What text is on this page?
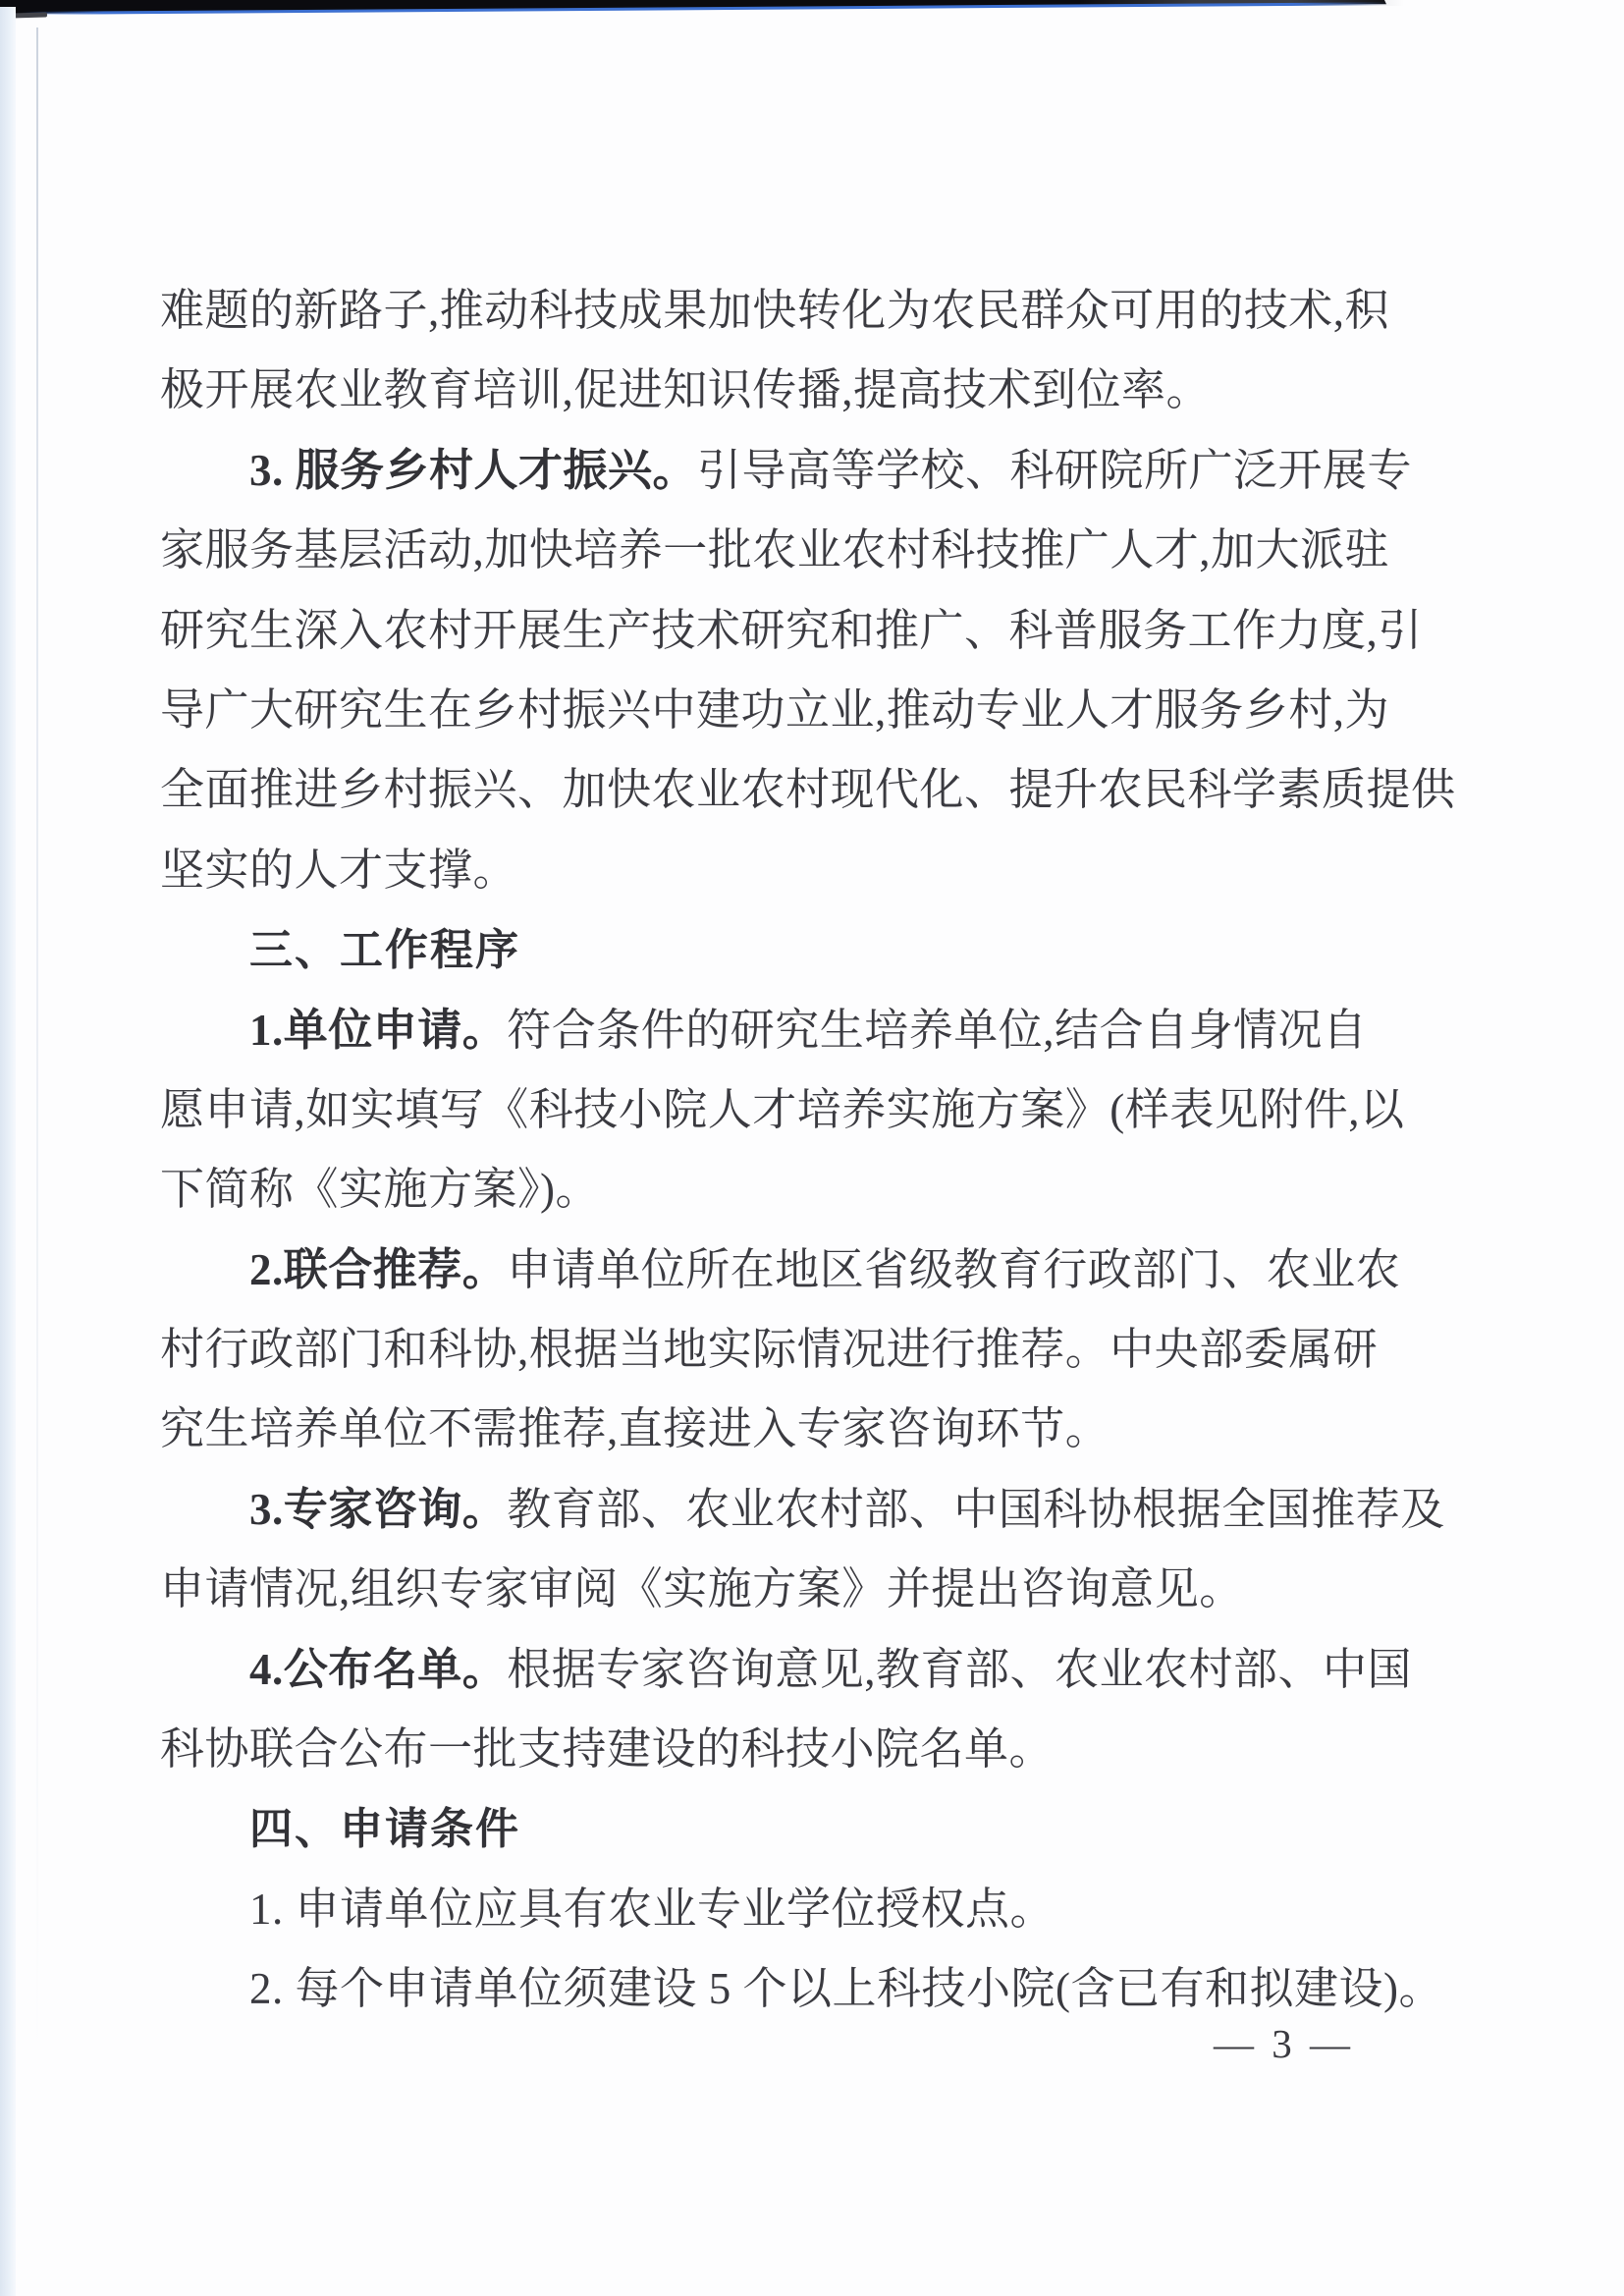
难题的新路子,推动科技成果加快转化为农民群众可用的技术,积
极开展农业教育培训,促进知识传播,提高技术到位率。
3. 服务乡村人才振兴。引导高等学校、科研院所广泛开展专
家服务基层活动,加快培养一批农业农村科技推广人才,加大派驻
研究生深入农村开展生产技术研究和推广、科普服务工作力度,引
导广大研究生在乡村振兴中建功立业,推动专业人才服务乡村,为
全面推进乡村振兴、加快农业农村现代化、提升农民科学素质提供
坚实的人才支撑。
三、工作程序
1.单位申请。符合条件的研究生培养单位,结合自身情况自
愿申请,如实填写《科技小院人才培养实施方案》(样表见附件,以
下简称《实施方案》)。
2.联合推荐。申请单位所在地区省级教育行政部门、农业农
村行政部门和科协,根据当地实际情况进行推荐。中央部委属研
究生培养单位不需推荐,直接进入专家咨询环节。
3.专家咨询。教育部、农业农村部、中国科协根据全国推荐及
申请情况,组织专家审阅《实施方案》并提出咨询意见。
4.公布名单。根据专家咨询意见,教育部、农业农村部、中国
科协联合公布一批支持建设的科技小院名单。
四、申请条件
1. 申请单位应具有农业专业学位授权点。
2. 每个申请单位须建设 5 个以上科技小院(含已有和拟建设)。
— 3 —
